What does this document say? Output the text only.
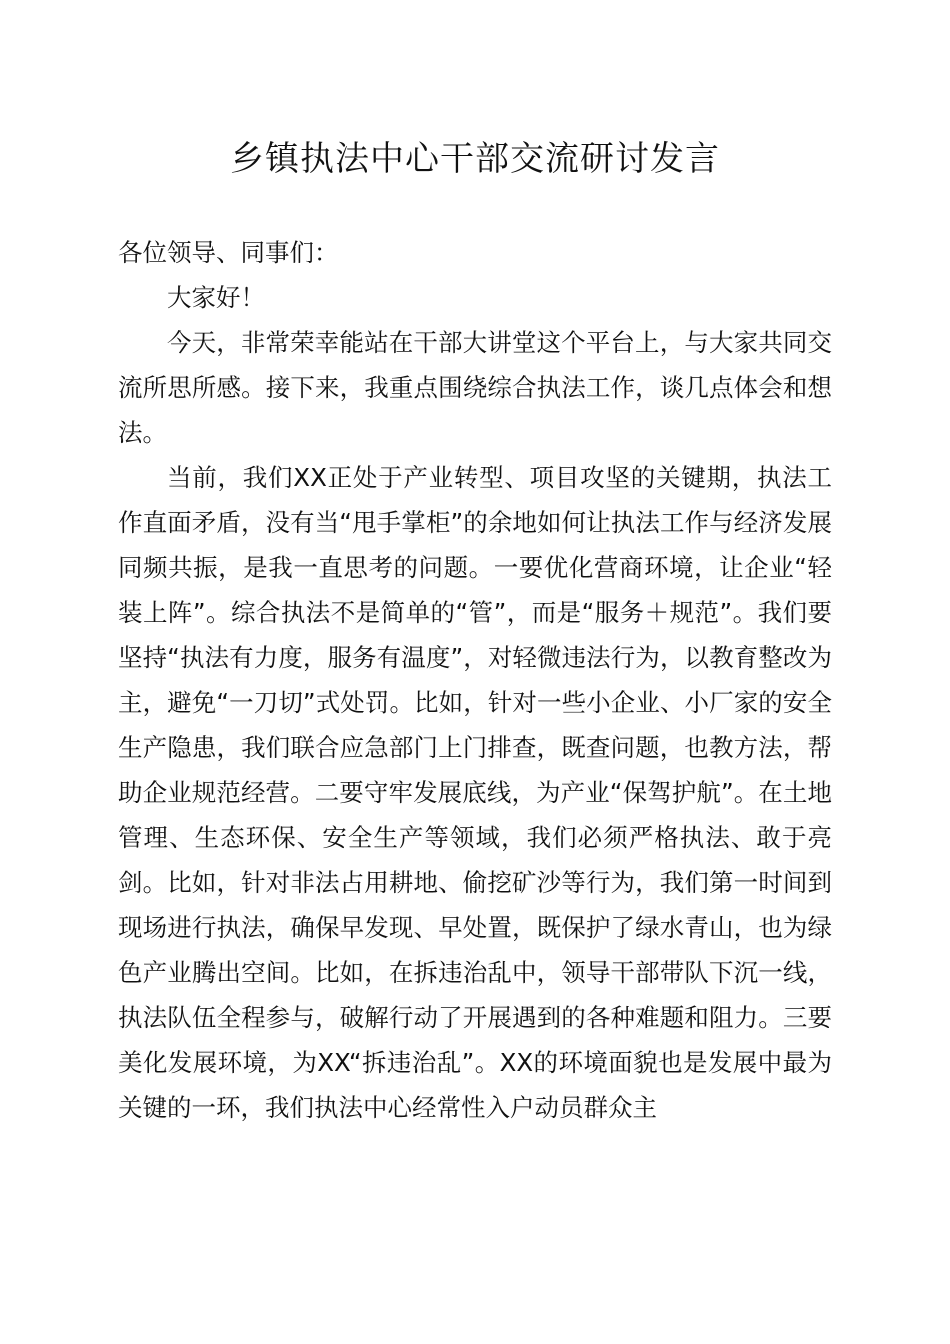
乡镇执法中心干部交流研讨发言

各位领导、同事们：

大家好！

今天，非常荣幸能站在干部大讲堂这个平台上，与大家共同交流所思所感。接下来，我重点围绕综合执法工作，谈几点体会和想法。

当前，我们XX正处于产业转型、项目攻坚的关键期，执法工作直面矛盾，没有当“甩手掌柜”的余地如何让执法工作与经济发展同频共振，是我一直思考的问题。一要优化营商环境，让企业“轻装上阵”。综合执法不是简单的“管”，而是“服务＋规范”。我们要坚持“执法有力度，服务有温度”，对轻微违法行为，以教育整改为主，避免“一刀切”式处罚。比如，针对一些小企业、小厂家的安全生产隐患，我们联合应急部门上门排查，既查问题，也教方法，帮助企业规范经营。二要守牢发展底线，为产业“保驾护航”。在土地管理、生态环保、安全生产等领域，我们必须严格执法、敢于亮剑。比如，针对非法占用耕地、偷挖矿沙等行为，我们第一时间到现场进行执法，确保早发现、早处置，既保护了绿水青山，也为绿色产业腾出空间。比如，在拆违治乱中，领导干部带队下沉一线，执法队伍全程参与，破解行动了开展遇到的各种难题和阻力。三要美化发展环境，为XX“拆违治乱”。XX的环境面貌也是发展中最为关键的一环，我们执法中心经常性入户动员群众主
